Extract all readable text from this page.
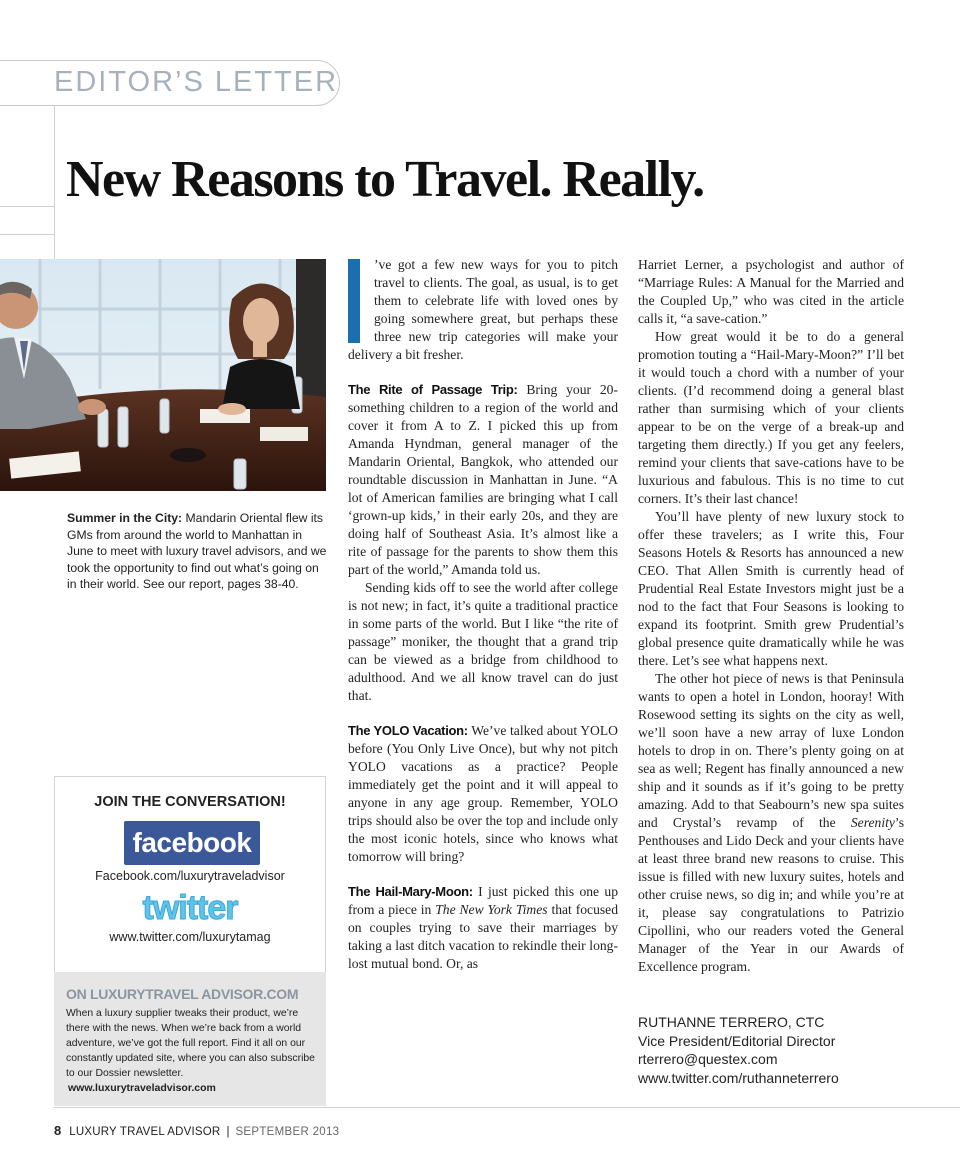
EDITOR’S LETTER
New Reasons to Travel. Really.

Summer in the City: Mandarin Oriental flew its GMs from around the world to Manhattan in June to meet with luxury travel advisors, and we took the opportunity to find out what’s going on in their world. See our report, pages 38-40.

JOIN THE CONVERSATION!
facebook
Facebook.com/luxurytraveladvisor
twitter
www.twitter.com/luxurytamag
ON LUXURYTRAVEL ADVISOR.COM

When a luxury supplier tweaks their product, we’re there with the news. When we’re back from a world adventure, we’ve got the full report. Find it all on our constantly updated site, where you can also subscribe to our Dossier newsletter.

www.luxurytraveladvisor.com

’ve got a few new ways for you to pitch travel to clients. The goal, as usual, is to get them to celebrate life with loved ones by going somewhere great, but perhaps these three new trip categories will make your delivery a bit fresher.

The Rite of Passage Trip: Bring your 20-something children to a region of the world and cover it from A to Z. I picked this up from Amanda Hyndman, general manager of the Mandarin Oriental, Bangkok, who attended our roundtable discussion in Manhattan in June. “A lot of American families are bringing what I call ‘grown-up kids,’ in their early 20s, and they are doing half of Southeast Asia. It’s almost like a rite of passage for the parents to show them this part of the world,” Amanda told us.

Sending kids off to see the world after college is not new; in fact, it’s quite a traditional practice in some parts of the world. But I like “the rite of passage” moniker, the thought that a grand trip can be viewed as a bridge from childhood to adulthood. And we all know travel can do just that.

The YOLO Vacation: We’ve talked about YOLO before (You Only Live Once), but why not pitch YOLO vacations as a practice? People immediately get the point and it will appeal to anyone in any age group. Remember, YOLO trips should also be over the top and include only the most iconic hotels, since who knows what tomorrow will bring?

The Hail-Mary-Moon: I just picked this one up from a piece in The New York Times that focused on couples trying to save their marriages by taking a last ditch vacation to rekindle their long-lost mutual bond. Or, as

Harriet Lerner, a psychologist and author of “Marriage Rules: A Manual for the Married and the Coupled Up,” who was cited in the article calls it, “a save-cation.”

How great would it be to do a general promotion touting a “Hail-Mary-Moon?” I’ll bet it would touch a chord with a number of your clients. (I’d recommend doing a general blast rather than surmising which of your clients appear to be on the verge of a break-up and targeting them directly.) If you get any feelers, remind your clients that save-cations have to be luxurious and fabulous. This is no time to cut corners. It’s their last chance!

You’ll have plenty of new luxury stock to offer these travelers; as I write this, Four Seasons Hotels & Resorts has announced a new CEO. That Allen Smith is currently head of Prudential Real Estate Investors might just be a nod to the fact that Four Seasons is looking to expand its footprint. Smith grew Prudential’s global presence quite dramatically while he was there. Let’s see what happens next.

The other hot piece of news is that Peninsula wants to open a hotel in London, hooray! With Rosewood setting its sights on the city as well, we’ll soon have a new array of luxe London hotels to drop in on. There’s plenty going on at sea as well; Regent has finally announced a new ship and it sounds as if it’s going to be pretty amazing. Add to that Seabourn’s new spa suites and Crystal’s revamp of the Serenity’s Penthouses and Lido Deck and your clients have at least three brand new reasons to cruise. This issue is filled with new luxury suites, hotels and other cruise news, so dig in; and while you’re at it, please say congratulations to Patrizio Cipollini, who our readers voted the General Manager of the Year in our Awards of Excellence program.

RUTHANNE TERRERO, CTC
Vice President/Editorial Director
rterrero@questex.com
www.twitter.com/ruthanneterrero
8 LUXURY TRAVEL ADVISOR | SEPTEMBER 2013
